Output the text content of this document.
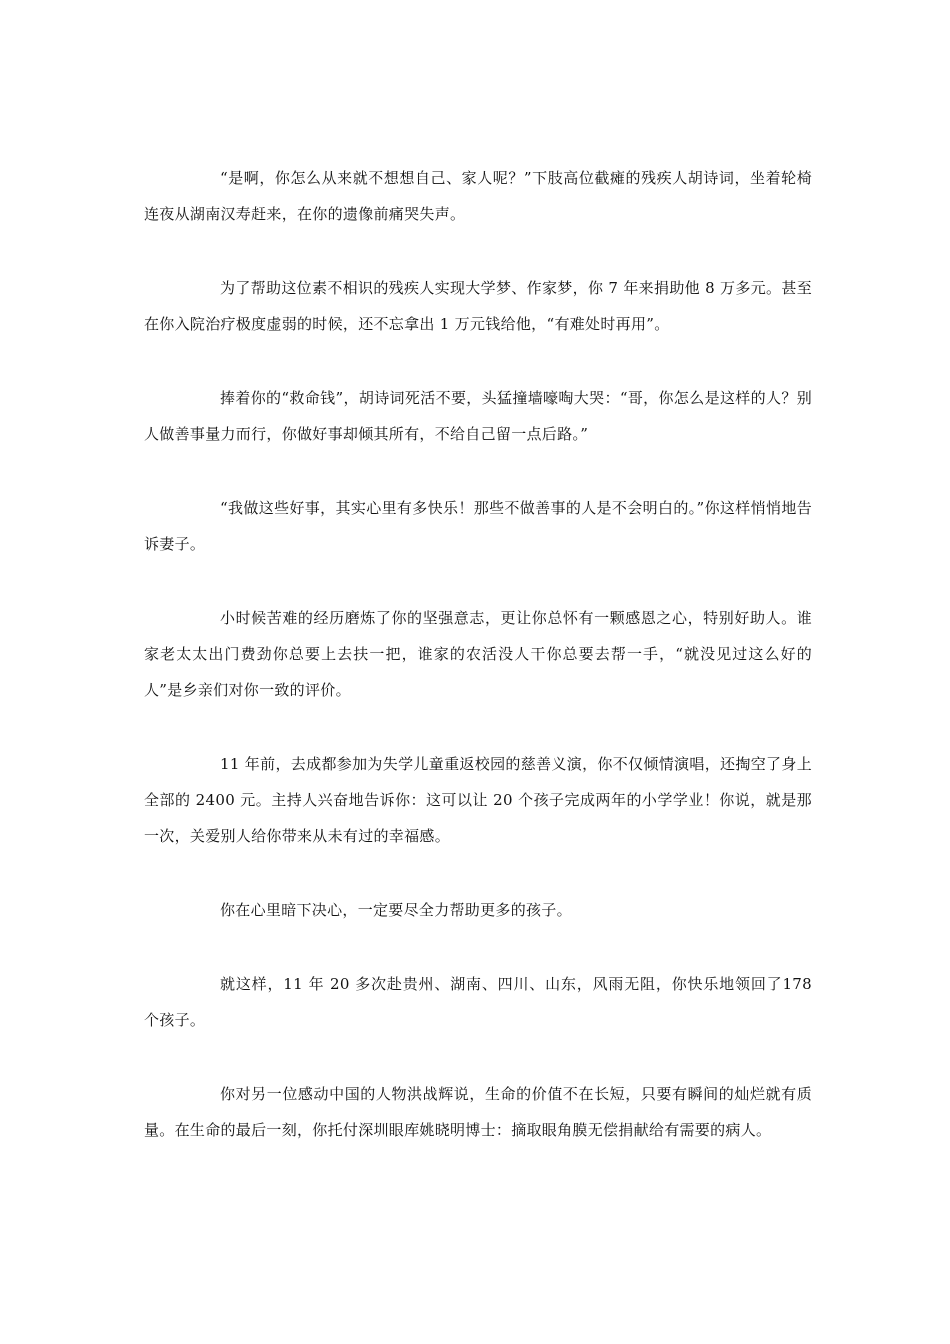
“是啊，你怎么从来就不想想自己、家人呢？”下肢高位截瘫的残疾人胡诗词，坐着轮椅连夜从湖南汉寿赶来，在你的遗像前痛哭失声。

为了帮助这位素不相识的残疾人实现大学梦、作家梦，你 7 年来捐助他 8 万多元。甚至在你入院治疗极度虚弱的时候，还不忘拿出 1 万元钱给他，“有难处时再用”。

捧着你的“救命钱”，胡诗词死活不要，头猛撞墙嚎啕大哭：“哥，你怎么是这样的人？别人做善事量力而行，你做好事却倾其所有，不给自己留一点后路。”

“我做这些好事，其实心里有多快乐！那些不做善事的人是不会明白的。”你这样悄悄地告诉妻子。

小时候苦难的经历磨炼了你的坚强意志，更让你总怀有一颗感恩之心，特别好助人。谁家老太太出门费劲你总要上去扶一把，谁家的农活没人干你总要去帮一手，“就没见过这么好的人”是乡亲们对你一致的评价。

11 年前，去成都参加为失学儿童重返校园的慈善义演，你不仅倾情演唱，还掏空了身上全部的 2400 元。主持人兴奋地告诉你：这可以让 20 个孩子完成两年的小学学业！你说，就是那一次，关爱别人给你带来从未有过的幸福感。

你在心里暗下决心，一定要尽全力帮助更多的孩子。

就这样，11 年 20 多次赴贵州、湖南、四川、山东，风雨无阻，你快乐地领回了178 个孩子。

你对另一位感动中国的人物洪战辉说，生命的价值不在长短，只要有瞬间的灿烂就有质量。在生命的最后一刻，你托付深圳眼库姚晓明博士：摘取眼角膜无偿捐献给有需要的病人。
